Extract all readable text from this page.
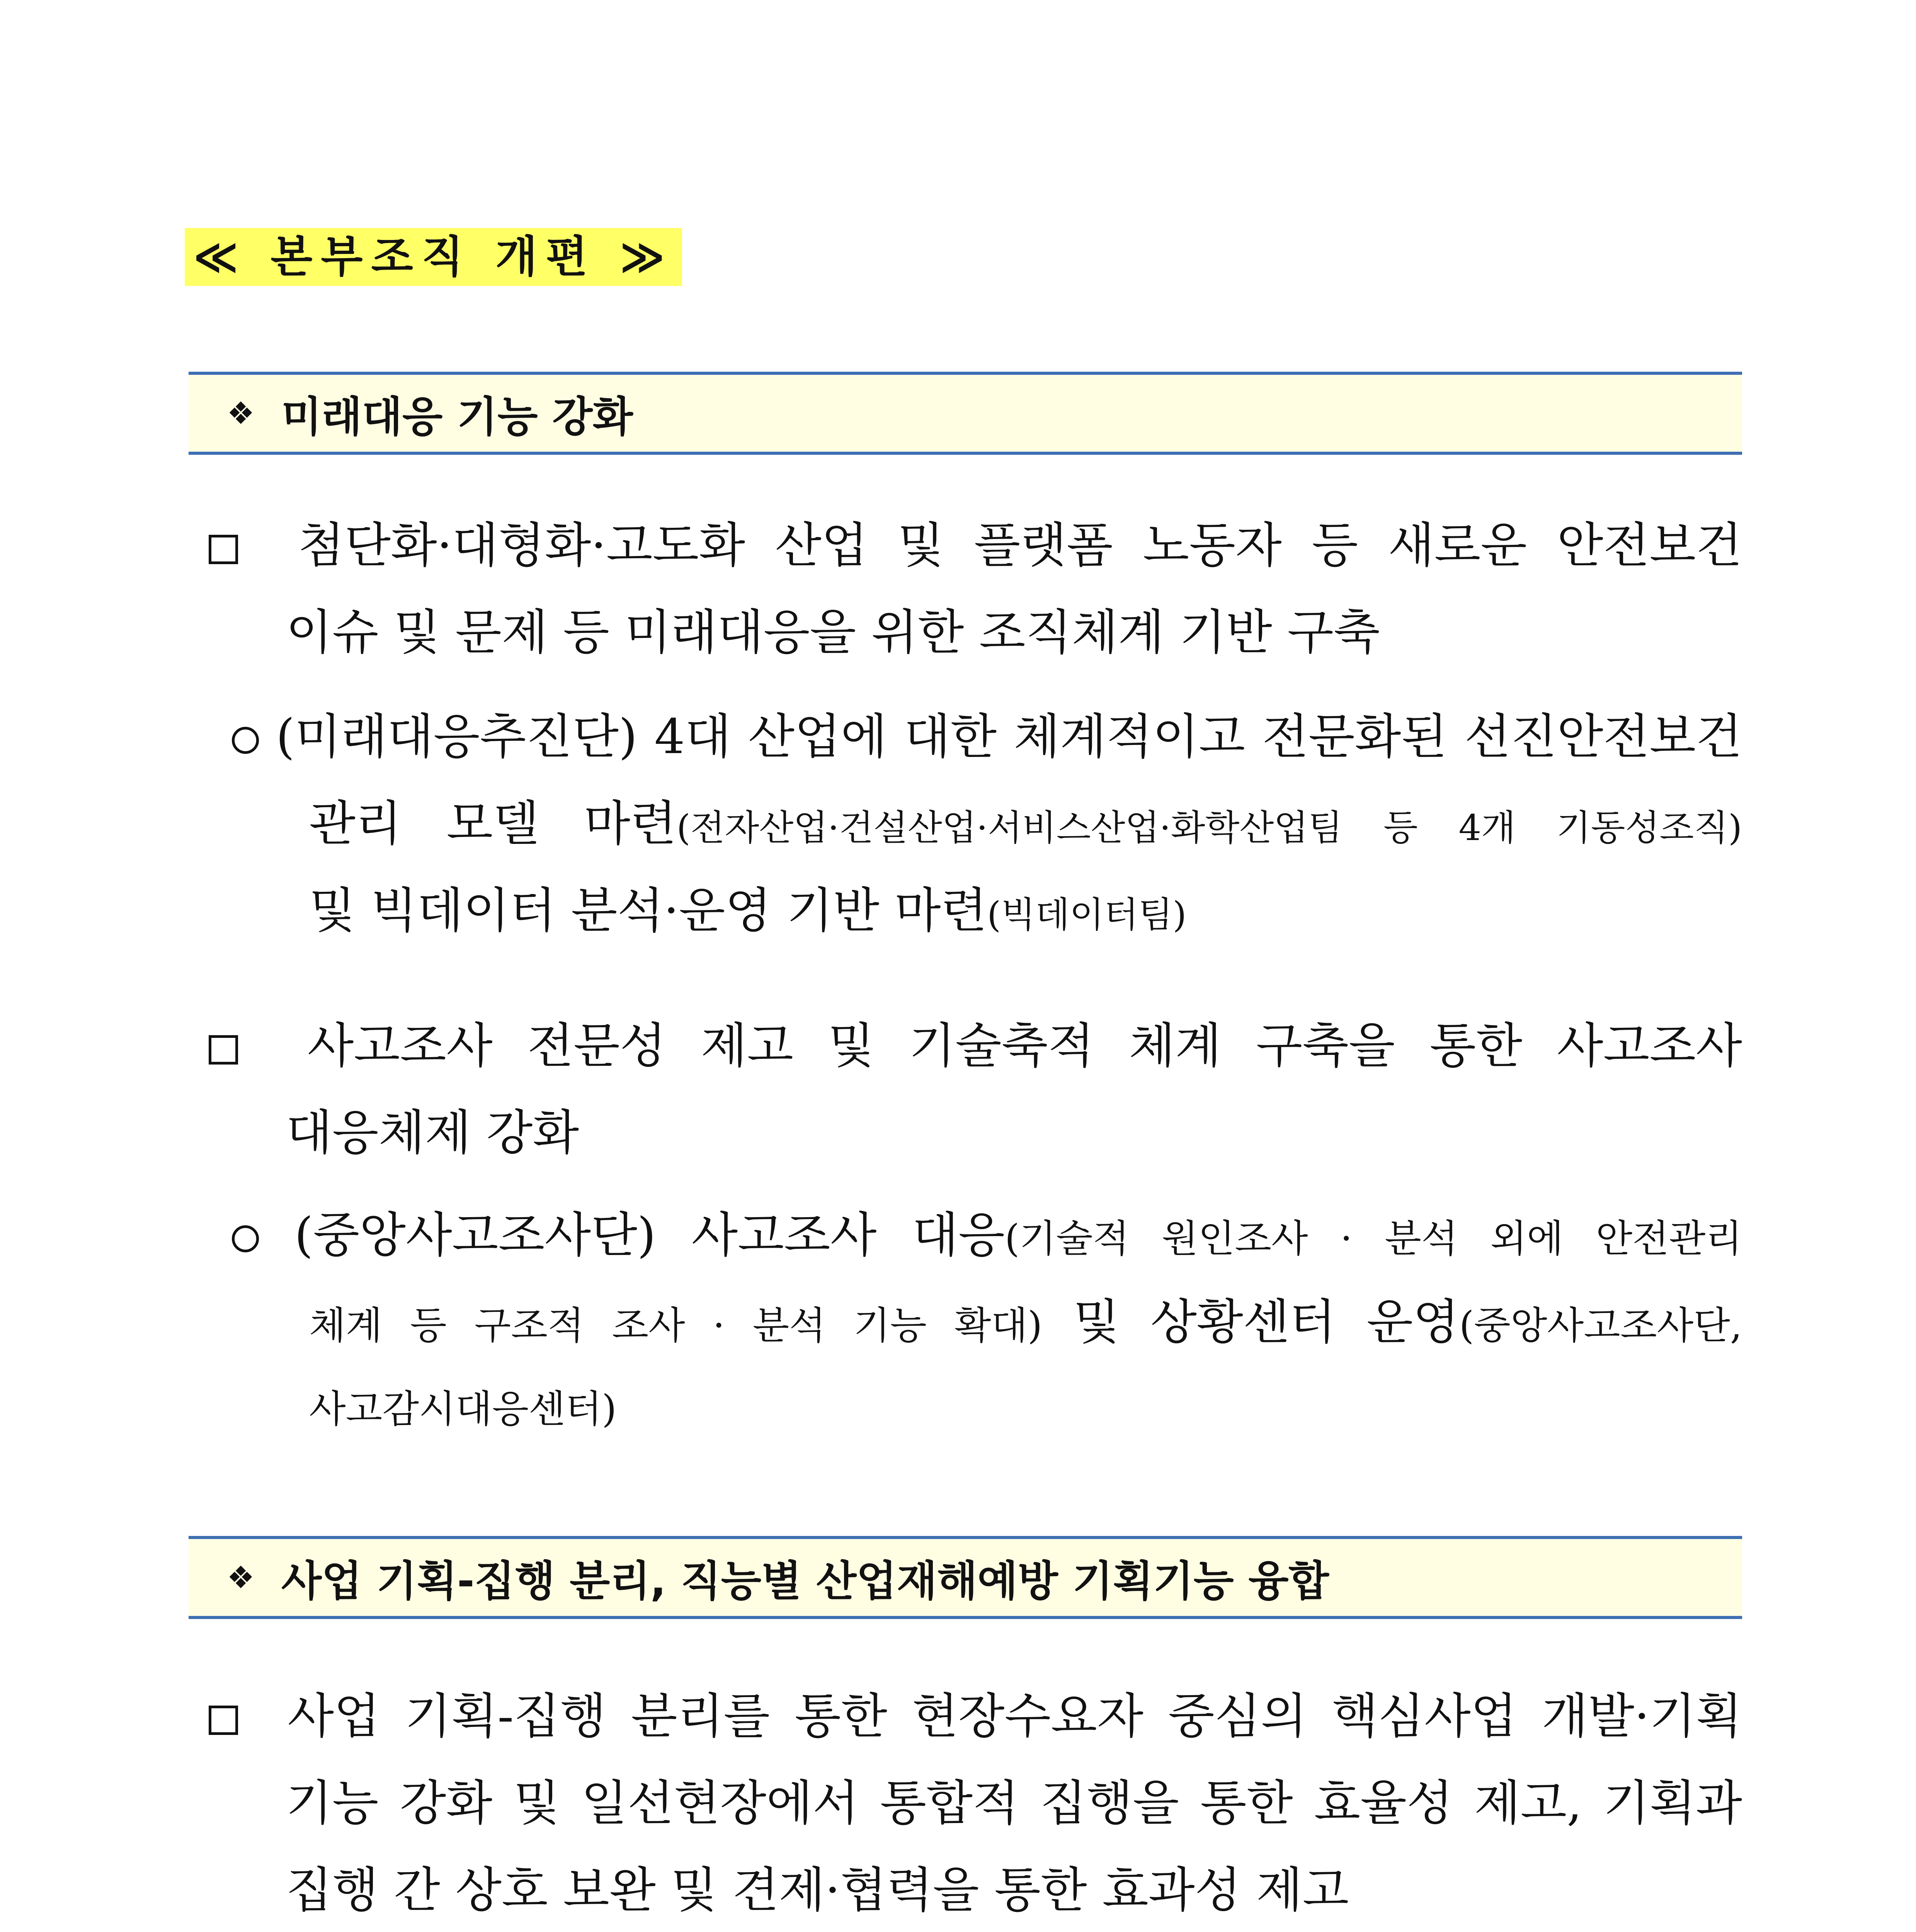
≪ 본부조직 개편 ≫
❖ 미래대응 기능 강화
첨단화·대형화·고도화 산업 및 플랫폼 노동자 등 새로운 안전보건
이슈 및 문제 등 미래대응을 위한 조직체계 기반 구축
(미래대응추진단) 4대 산업에 대한 체계적이고 전문화된 선진안전보건
관리 모델 마련(전자산업·건설산업·서비스산업·화학산업팀 등 4개 기동성조직)
및 빅데이터 분석·운영 기반 마련(빅데이터팀)
사고조사 전문성 제고 및 기술축적 체계 구축을 통한 사고조사
대응체제 강화
(중앙사고조사단) 사고조사 대응(기술적 원인조사 · 분석 외에 안전관리
체계 등 구조적 조사 · 분석 기능 확대) 및 상황센터 운영(중앙사고조사단,
사고감시대응센터)
❖ 사업 기획-집행 분리, 직능별 산업재해예방 기획기능 융합
사업 기획-집행 분리를 통한 현장수요자 중심의 핵심사업 개발·기획
기능 강화 및 일선현장에서 통합적 집행을 통한 효율성 제고, 기획과
집행 간 상호 보완 및 견제·협력을 통한 효과성 제고
